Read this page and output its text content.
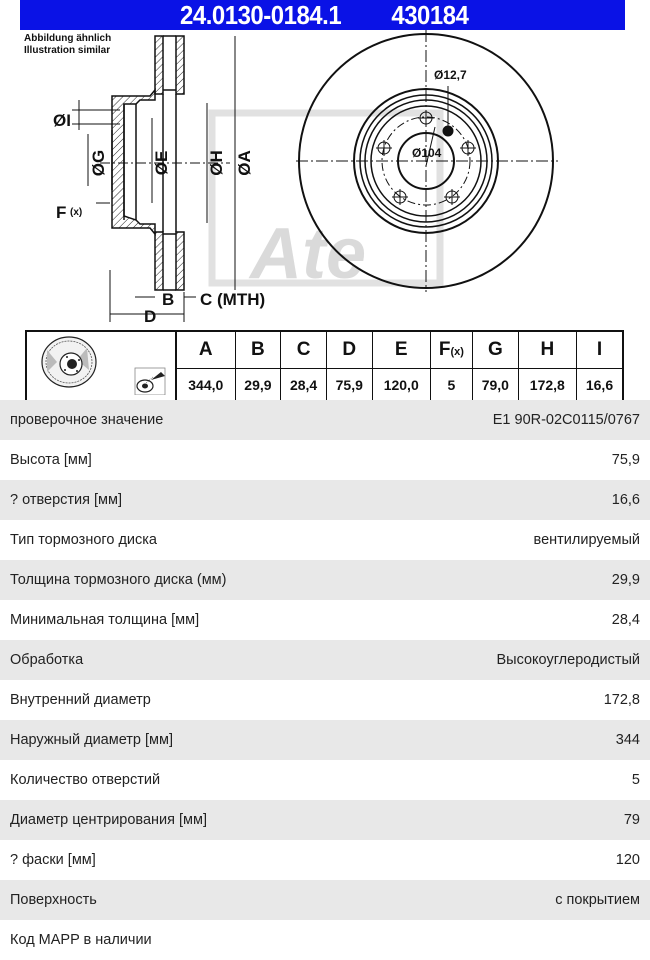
24.0130-0184.1 430184
Abbildung ähnlich
Illustration similar
Ate
ØI
ØG	ØE ØH ØA
F (x)
B C (MTH)
D
Ø12,7
Ø104
	A	B	C	D	E	F(x)	G	H	I
	344,0	29,9	28,4	75,9	120,0	5	79,0	172,8	16,6
проверочное значение	E1 90R-02C0115/0767
Высота [мм]	75,9
? отверстия [мм]	16,6
Тип тормозного диска	вентилируемый
Толщина тормозного диска (мм)	29,9
Минимальная толщина [мм]	28,4
Обработка	Высокоуглеродистый
Внутренний диаметр	172,8
Наружный диаметр [мм]	344
Количество отверстий	5
Диаметр центрирования [мм]	79
? фаски [мм]	120
Поверхность	с покрытием
Код MAPP в наличии
